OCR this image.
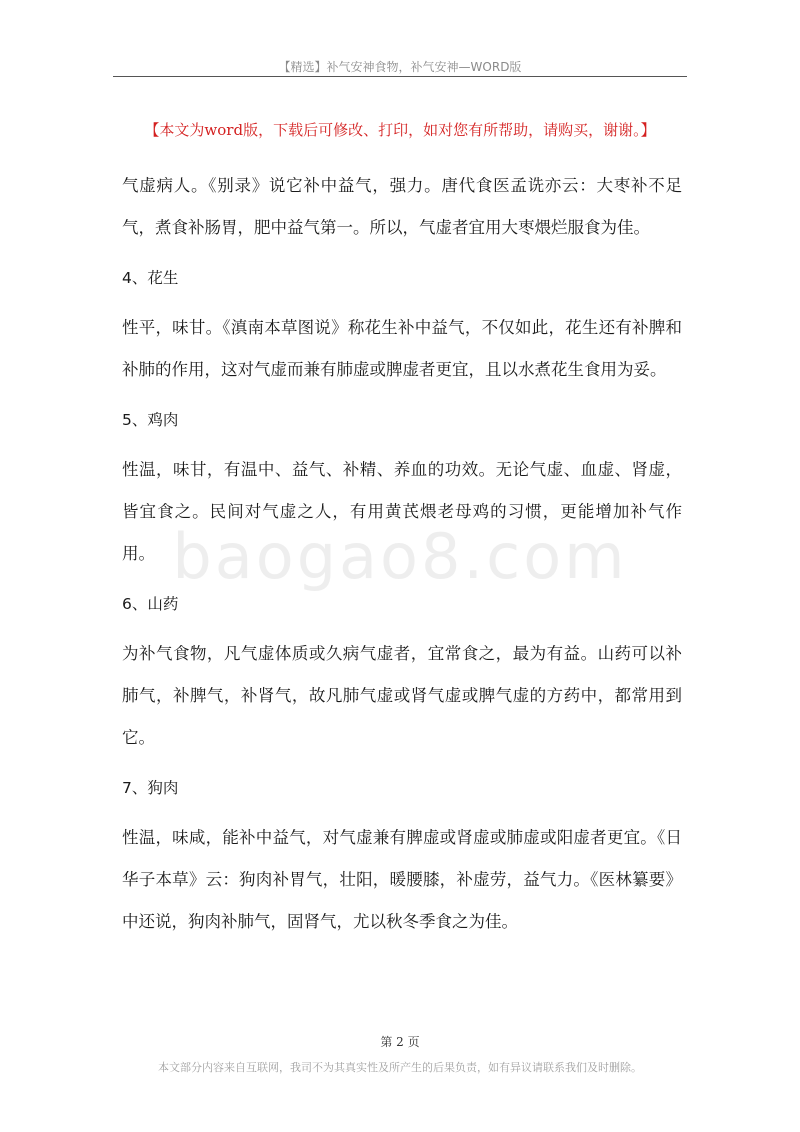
【精选】补气安神食物，补气安神—WORD版
【本文为word版，下载后可修改、打印，如对您有所帮助，请购买，谢谢。】
baogao8.com

气虚病人。《别录》说它补中益气，强力。唐代食医孟诜亦云：大枣补不足气，煮食补肠胃，肥中益气第一。所以，气虚者宜用大枣煨烂服食为佳。

4、花生

性平，味甘。《滇南本草图说》称花生补中益气，不仅如此，花生还有补脾和补肺的作用，这对气虚而兼有肺虚或脾虚者更宜，且以水煮花生食用为妥。

5、鸡肉

性温，味甘，有温中、益气、补精、养血的功效。无论气虚、血虚、肾虚，皆宜食之。民间对气虚之人，有用黄芪煨老母鸡的习惯，更能增加补气作用。

6、山药

为补气食物，凡气虚体质或久病气虚者，宜常食之，最为有益。山药可以补肺气，补脾气，补肾气，故凡肺气虚或肾气虚或脾气虚的方药中，都常用到它。

7、狗肉

性温，味咸，能补中益气，对气虚兼有脾虚或肾虚或肺虚或阳虚者更宜。《日华子本草》云：狗肉补胃气，壮阳，暖腰膝，补虚劳，益气力。《医林纂要》中还说，狗肉补肺气，固肾气，尤以秋冬季食之为佳。

第 2 页
本文部分内容来自互联网，我司不为其真实性及所产生的后果负责，如有异议请联系我们及时删除。
